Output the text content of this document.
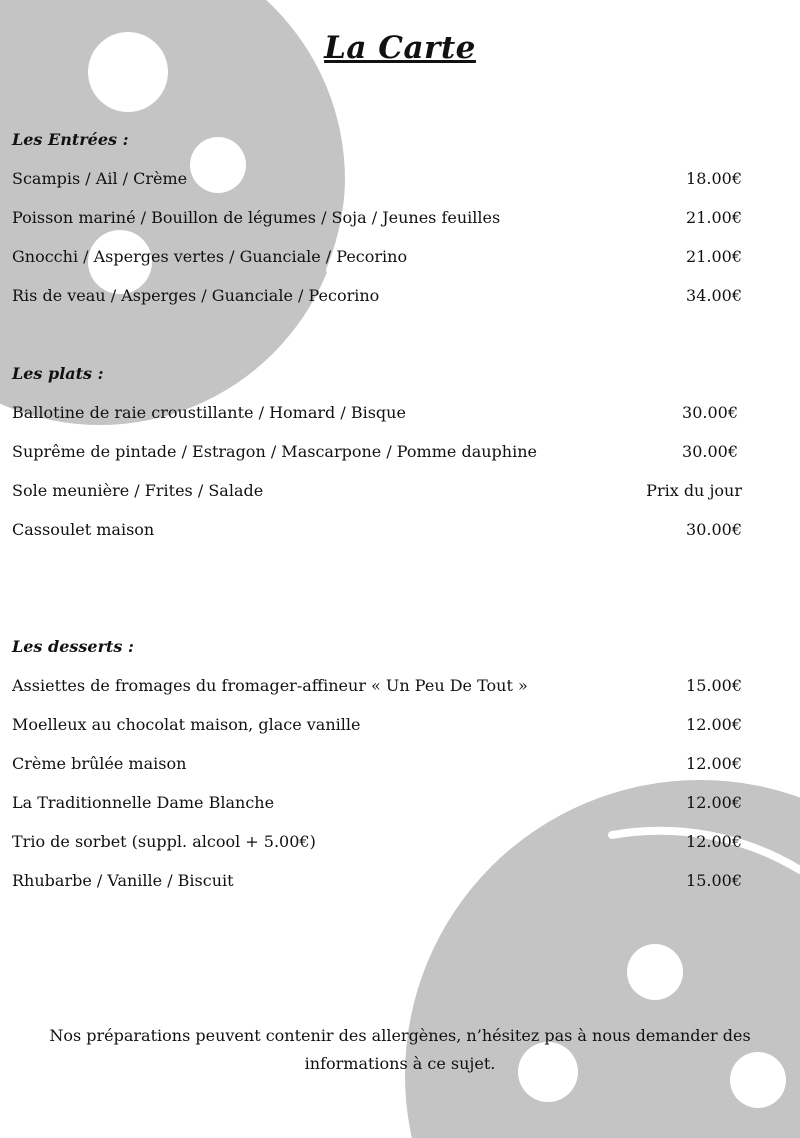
La Carte
Les Entrées :
Scampis / Ail / Crème	18.00€
Poisson mariné / Bouillon de légumes / Soja / Jeunes feuilles	21.00€
Gnocchi / Asperges vertes / Guanciale / Pecorino	21.00€
Ris de veau / Asperges / Guanciale / Pecorino	34.00€
Les plats :
Ballotine de raie croustillante / Homard / Bisque	30.00€
Suprême de pintade / Estragon / Mascarpone / Pomme dauphine	30.00€
Sole meunière / Frites / Salade	Prix du jour
Cassoulet maison	30.00€
Les desserts :
Assiettes de fromages du fromager-affineur « Un Peu De Tout »	15.00€
Moelleux au chocolat maison, glace vanille	12.00€
Crème brûlée maison	12.00€
La Traditionnelle Dame Blanche	12.00€
Trio de sorbet (suppl. alcool + 5.00€)	12.00€
Rhubarbe / Vanille / Biscuit	15.00€
Nos préparations peuvent contenir des allergènes, n’hésitez pas à nous demander des
informations à ce sujet.
